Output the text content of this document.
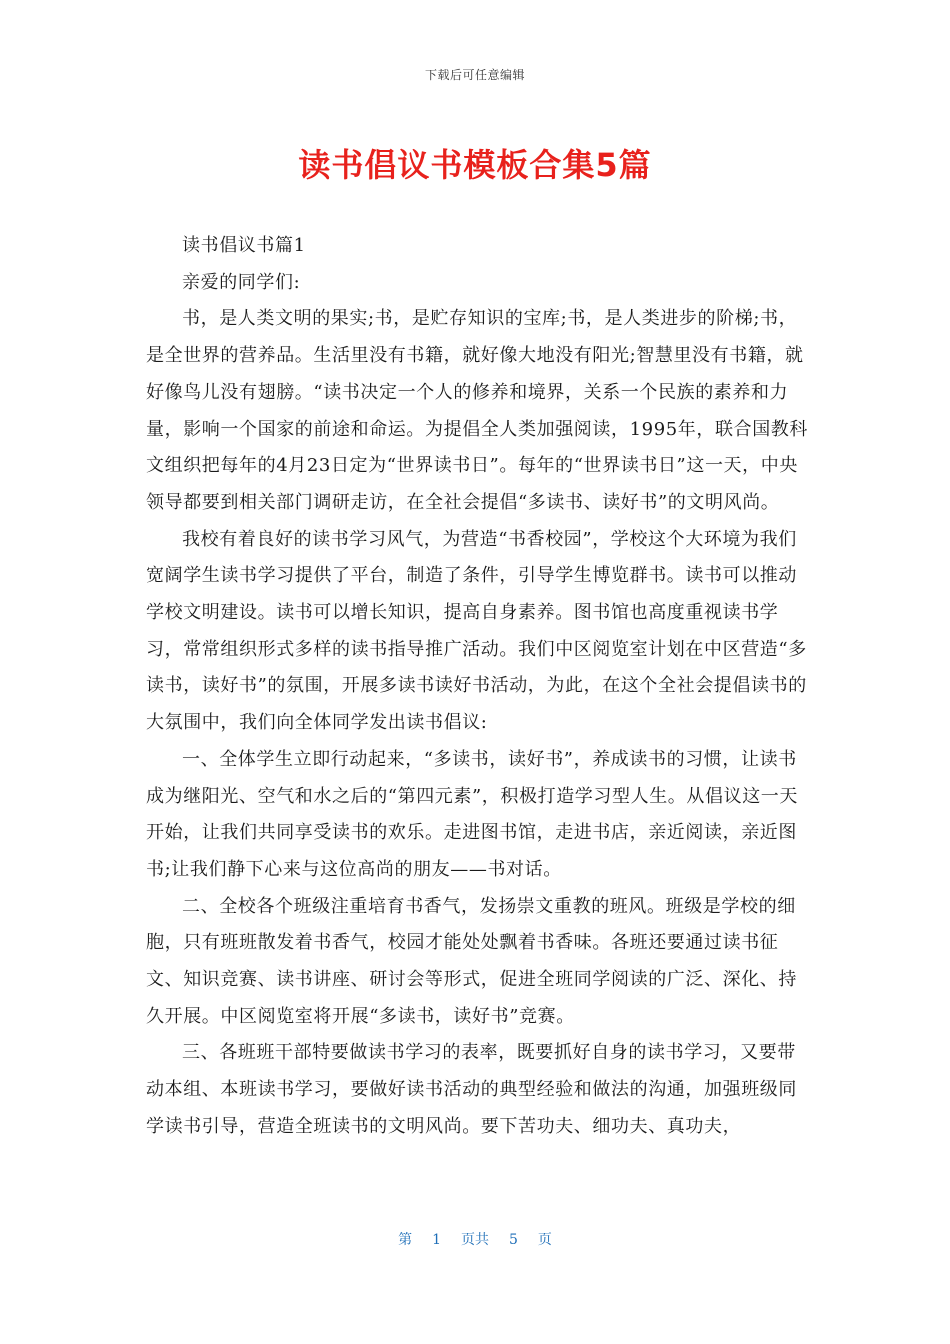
下载后可任意编辑
读书倡议书模板合集5篇

读书倡议书篇1

亲爱的同学们:

书，是人类文明的果实;书，是贮存知识的宝库;书，是人类进步的阶梯;书，是全世界的营养品。生活里没有书籍，就好像大地没有阳光;智慧里没有书籍，就好像鸟儿没有翅膀。“读书决定一个人的修养和境界，关系一个民族的素养和力量，影响一个国家的前途和命运。为提倡全人类加强阅读，1995年，联合国教科文组织把每年的4月23日定为“世界读书日”。每年的“世界读书日”这一天，中央领导都要到相关部门调研走访，在全社会提倡“多读书、读好书”的文明风尚。

我校有着良好的读书学习风气，为营造“书香校园”，学校这个大环境为我们宽阔学生读书学习提供了平台，制造了条件，引导学生博览群书。读书可以推动学校文明建设。读书可以增长知识，提高自身素养。图书馆也高度重视读书学习，常常组织形式多样的读书指导推广活动。我们中区阅览室计划在中区营造“多读书，读好书”的氛围，开展多读书读好书活动，为此，在这个全社会提倡读书的大氛围中，我们向全体同学发出读书倡议:

一、全体学生立即行动起来，“多读书，读好书”，养成读书的习惯，让读书成为继阳光、空气和水之后的“第四元素”，积极打造学习型人生。从倡议这一天开始，让我们共同享受读书的欢乐。走进图书馆，走进书店，亲近阅读，亲近图书;让我们静下心来与这位高尚的朋友——书对话。

二、全校各个班级注重培育书香气，发扬崇文重教的班风。班级是学校的细胞，只有班班散发着书香气，校园才能处处飘着书香味。各班还要通过读书征文、知识竞赛、读书讲座、研讨会等形式，促进全班同学阅读的广泛、深化、持久开展。中区阅览室将开展“多读书，读好书”竞赛。

三、各班班干部特要做读书学习的表率，既要抓好自身的读书学习，又要带动本组、本班读书学习，要做好读书活动的典型经验和做法的沟通，加强班级同学读书引导，营造全班读书的文明风尚。要下苦功夫、细功夫、真功夫，

第 1 页共 5 页
